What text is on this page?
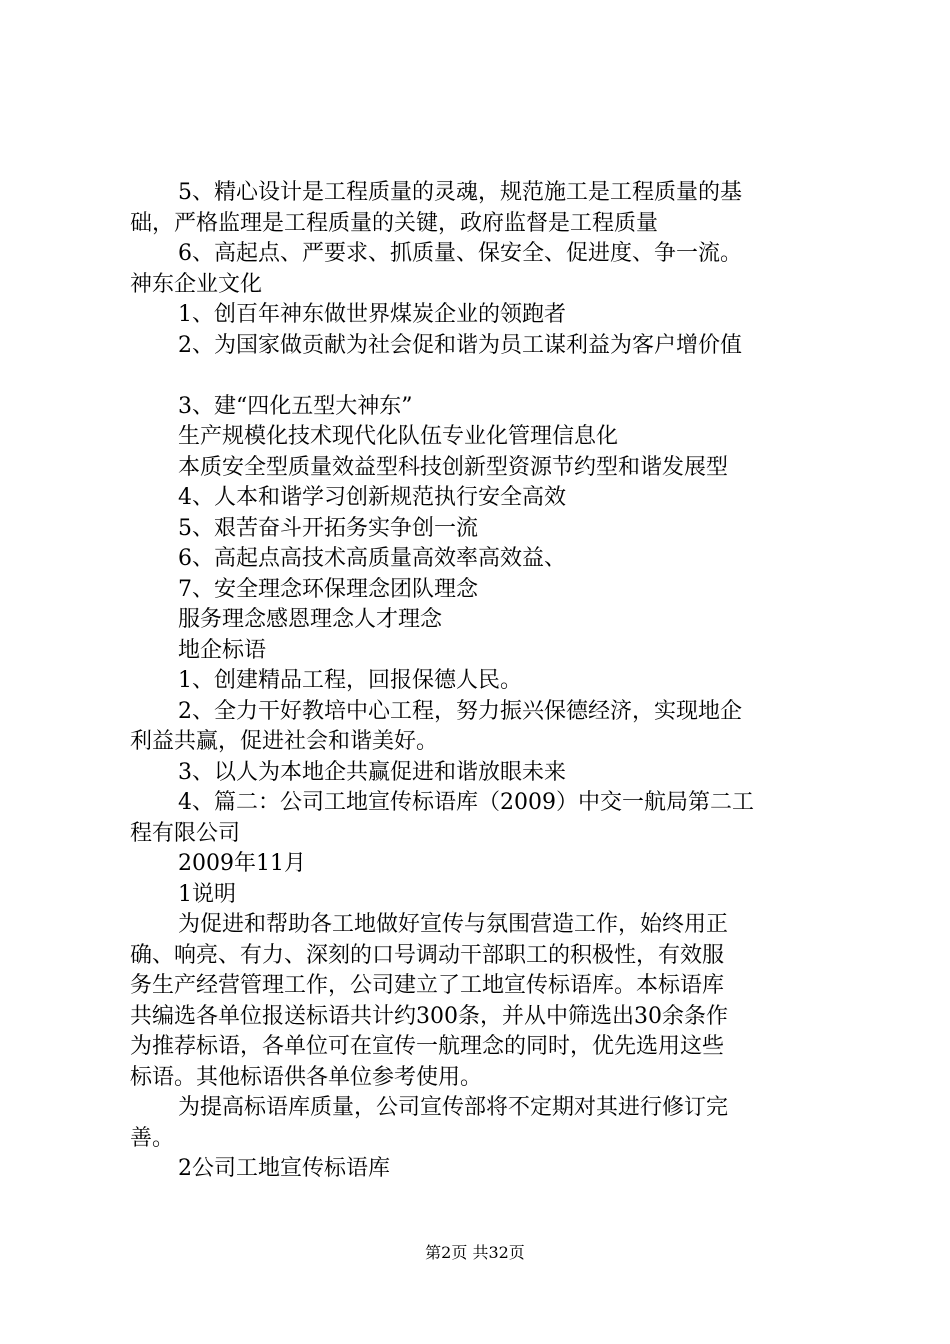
5、精心设计是工程质量的灵魂，规范施工是工程质量的基
础，严格监理是工程质量的关键，政府监督是工程质量
6、高起点、严要求、抓质量、保安全、促进度、争一流。
神东企业文化
1、创百年神东做世界煤炭企业的领跑者
2、为国家做贡献为社会促和谐为员工谋利益为客户增价值
3、建“四化五型大神东”
生产规模化技术现代化队伍专业化管理信息化
本质安全型质量效益型科技创新型资源节约型和谐发展型
4、人本和谐学习创新规范执行安全高效
5、艰苦奋斗开拓务实争创一流
6、高起点高技术高质量高效率高效益、
7、安全理念环保理念团队理念
服务理念感恩理念人才理念
地企标语
1、创建精品工程，回报保德人民。
2、全力干好教培中心工程，努力振兴保德经济，实现地企
利益共赢，促进社会和谐美好。
3、以人为本地企共赢促进和谐放眼未来
4、篇二：公司工地宣传标语库（2009）中交一航局第二工
程有限公司
2009年11月
1说明
为促进和帮助各工地做好宣传与氛围营造工作，始终用正
确、响亮、有力、深刻的口号调动干部职工的积极性，有效服
务生产经营管理工作，公司建立了工地宣传标语库。本标语库
共编选各单位报送标语共计约300条，并从中筛选出30余条作
为推荐标语，各单位可在宣传一航理念的同时，优先选用这些
标语。其他标语供各单位参考使用。
为提高标语库质量，公司宣传部将不定期对其进行修订完
善。
2公司工地宣传标语库
第2页 共32页
